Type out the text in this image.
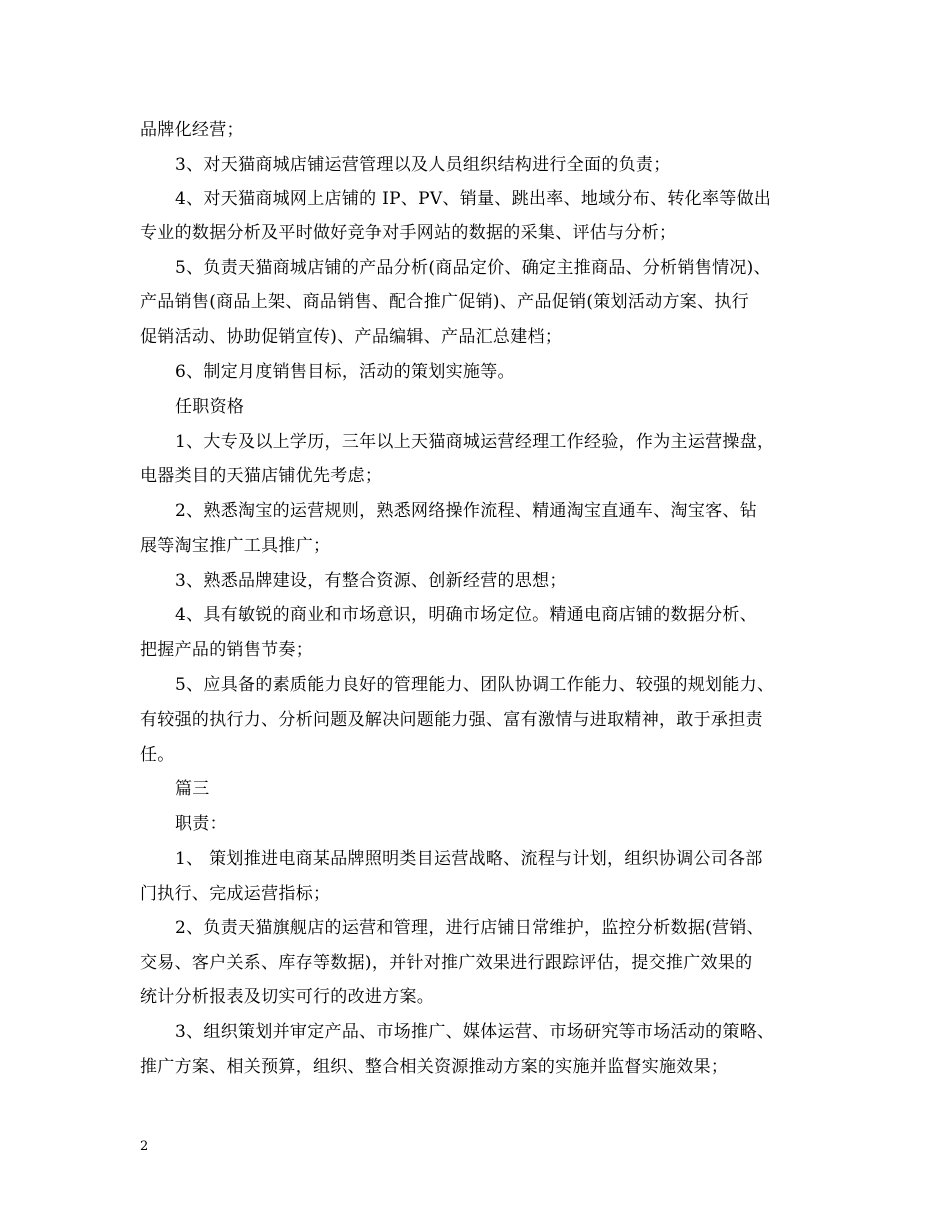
品牌化经营；
3、对天猫商城店铺运营管理以及人员组织结构进行全面的负责；
4、对天猫商城网上店铺的 IP、PV、销量、跳出率、地域分布、转化率等做出
专业的数据分析及平时做好竞争对手网站的数据的采集、评估与分析；
5、负责天猫商城店铺的产品分析(商品定价、确定主推商品、分析销售情况)、
产品销售(商品上架、商品销售、配合推广促销)、产品促销(策划活动方案、执行
促销活动、协助促销宣传)、产品编辑、产品汇总建档；
6、制定月度销售目标，活动的策划实施等。
任职资格
1、大专及以上学历，三年以上天猫商城运营经理工作经验，作为主运营操盘，
电器类目的天猫店铺优先考虑；
2、熟悉淘宝的运营规则，熟悉网络操作流程、精通淘宝直通车、淘宝客、钻
展等淘宝推广工具推广；
3、熟悉品牌建设，有整合资源、创新经营的思想；
4、具有敏锐的商业和市场意识，明确市场定位。精通电商店铺的数据分析、
把握产品的销售节奏；
5、应具备的素质能力良好的管理能力、团队协调工作能力、较强的规划能力、
有较强的执行力、分析问题及解决问题能力强、富有激情与进取精神，敢于承担责
任。
篇三
职责：
1、 策划推进电商某品牌照明类目运营战略、流程与计划，组织协调公司各部
门执行、完成运营指标；
2、负责天猫旗舰店的运营和管理，进行店铺日常维护，监控分析数据(营销、
交易、客户关系、库存等数据)，并针对推广效果进行跟踪评估，提交推广效果的
统计分析报表及切实可行的改进方案。
3、组织策划并审定产品、市场推广、媒体运营、市场研究等市场活动的策略、
推广方案、相关预算，组织、整合相关资源推动方案的实施并监督实施效果；
2
